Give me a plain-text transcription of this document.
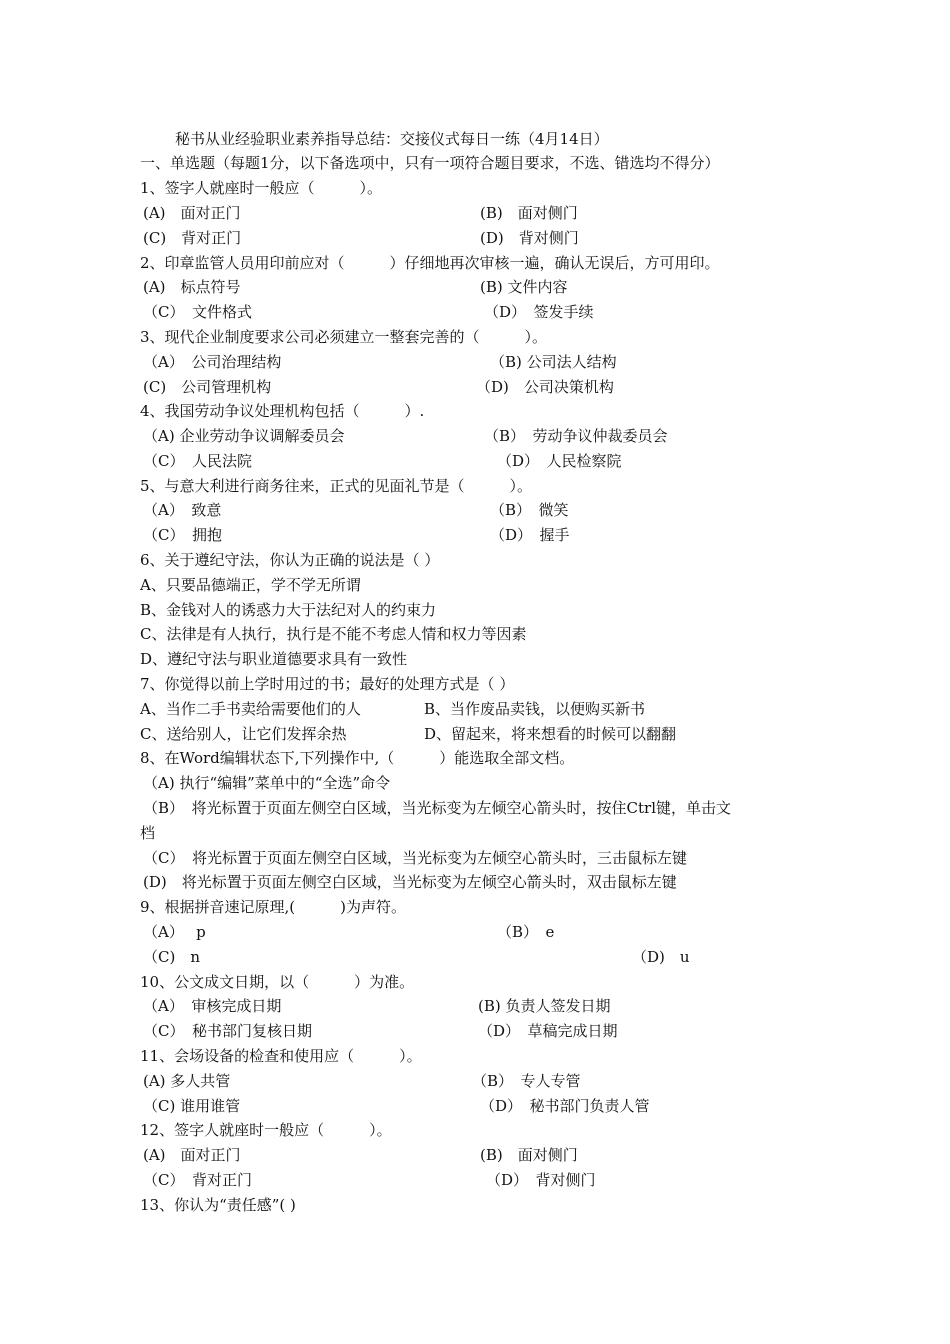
秘书从业经验职业素养指导总结：交接仪式每日一练（4月14日）
一、单选题（每题1分，以下备选项中，只有一项符合题目要求，不选、错选均不得分）
1、签字人就座时一般应（　　　）。
(A)　面对正门	(B)　面对侧门
(C)　背对正门	(D)　背对侧门
2、印章监管人员用印前应对（　　　）仔细地再次审核一遍，确认无误后，方可用印。
(A)　标点符号	(B) 文件内容
（C）　文件格式	（D）　签发手续
3、现代企业制度要求公司必须建立一整套完善的（　　　）。
（A）　公司治理结构	（B) 公司法人结构
(C)　公司管理机构	（D)　公司决策机构
4、我国劳动争议处理机构包括（　　　）.
（A) 企业劳动争议调解委员会	（B）　劳动争议仲裁委员会
（C）　人民法院	（D）　人民检察院
5、与意大利进行商务往来，正式的见面礼节是（　　　）。
（A）　致意	（B）　微笑
（C）　拥抱	（D）　握手
6、关于遵纪守法，你认为正确的说法是（ ）
A、只要品德端正，学不学无所谓
B、金钱对人的诱惑力大于法纪对人的约束力
C、法律是有人执行，执行是不能不考虑人情和权力等因素
D、遵纪守法与职业道德要求具有一致性
7、你觉得以前上学时用过的书；最好的处理方式是（ ）
A、当作二手书卖给需要他们的人	B、当作废品卖钱，以便购买新书
C、送给别人，让它们发挥余热	D、留起来，将来想看的时候可以翻翻
8、在Word编辑状态下,下列操作中,（　　　）能选取全部文档。
（A) 执行“编辑”菜单中的“全选”命令
（B）　将光标置于页面左侧空白区域，当光标变为左倾空心箭头时，按住Ctrl键，单击文
档
（C）　将光标置于页面左侧空白区域，当光标变为左倾空心箭头时，三击鼠标左键
(D)　将光标置于页面左侧空白区域，当光标变为左倾空心箭头时，双击鼠标左键
9、根据拼音速记原理,(　　　)为声符。
（A）　 p	（B）　e
（C)　n	（D)　u
10、公文成文日期，以（　　　）为准。
（A）　审核完成日期	(B) 负责人签发日期
（C）　秘书部门复核日期	（D）　草稿完成日期
11、会场设备的检查和使用应（　　　）。
(A) 多人共管	（B）　专人专管
（C) 谁用谁管	（D）　秘书部门负责人管
12、签字人就座时一般应（　　　）。
(A)　面对正门	(B)　面对侧门
（C）　背对正门	（D）　背对侧门
13、你认为“责任感”( )
